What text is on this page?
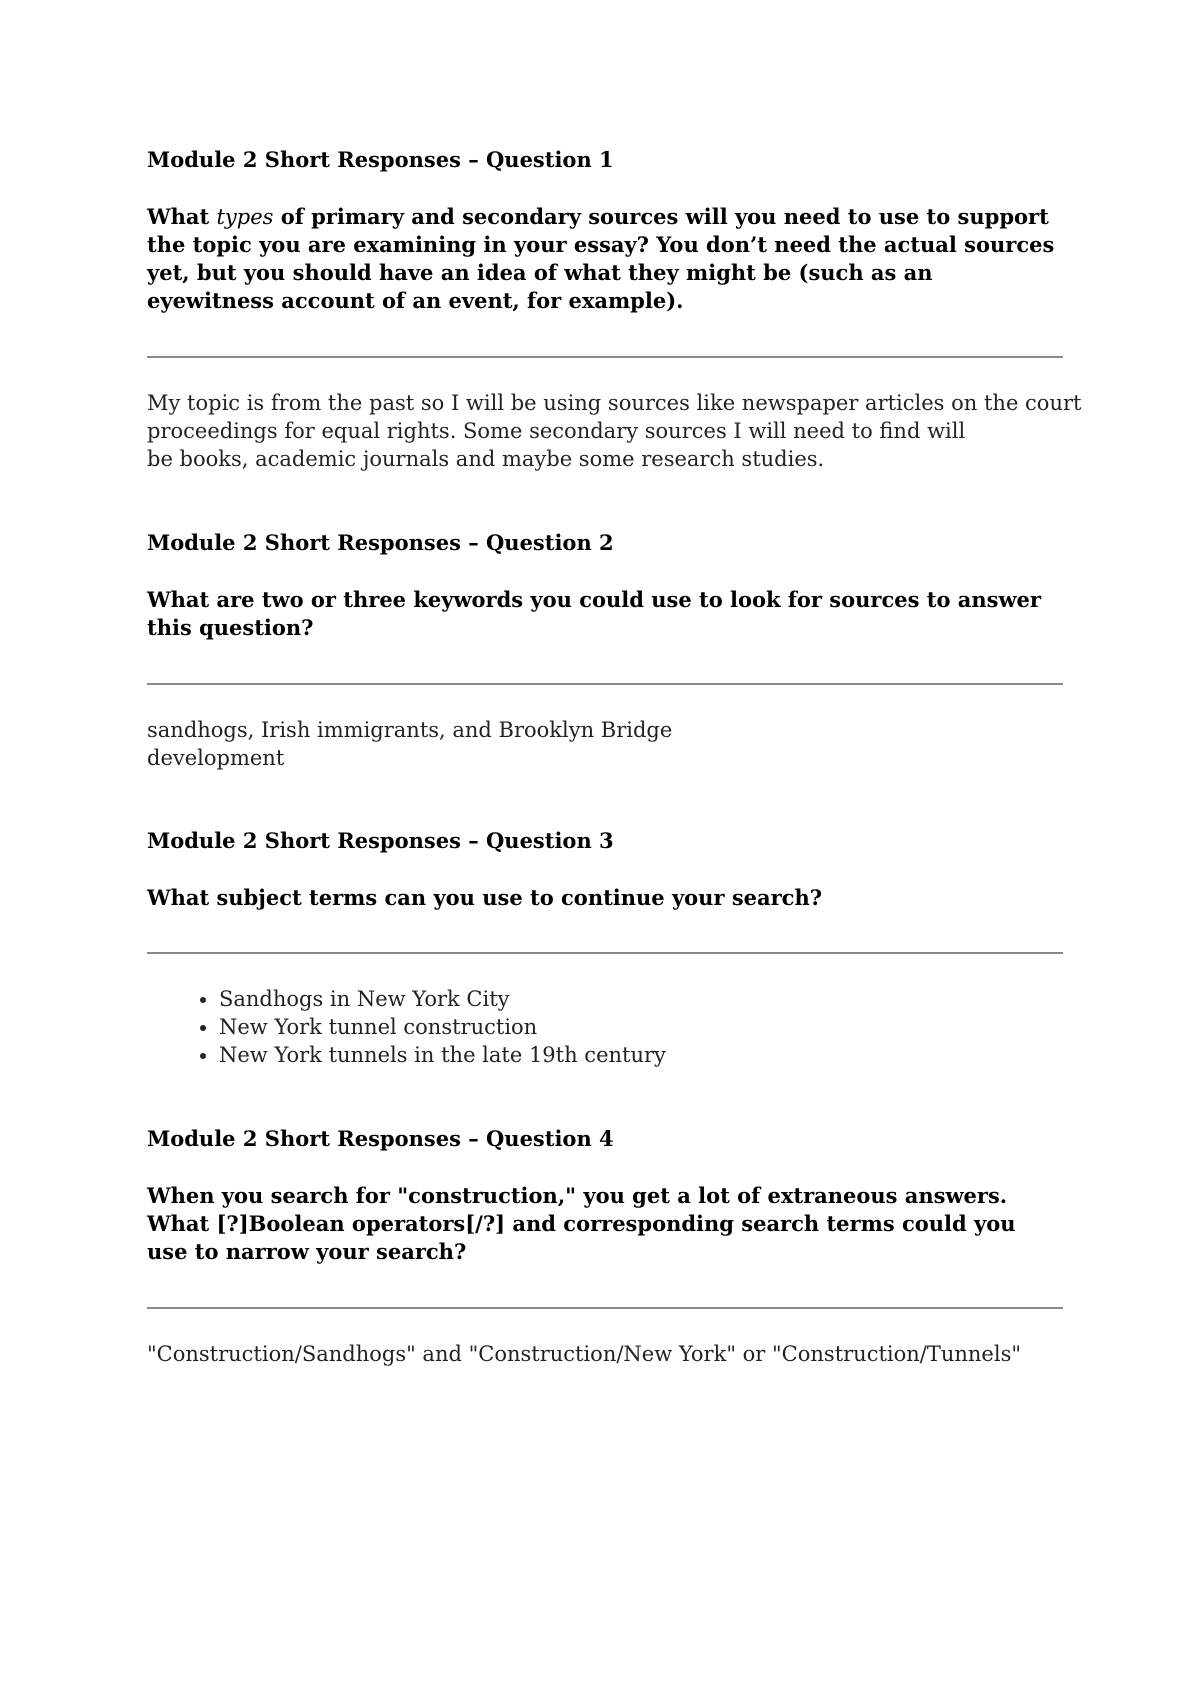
Module 2 Short Responses – Question 1
What types of primary and secondary sources will you need to use to support the topic you are examining in your essay? You don’t need the actual sources yet, but you should have an idea of what they might be (such as an eyewitness account of an event, for example).
My topic is from the past so I will be using sources like newspaper articles on the court
proceedings for equal rights. Some secondary sources I will need to find will
be books, academic journals and maybe some research studies.
Module 2 Short Responses – Question 2
What are two or three keywords you could use to look for sources to answer this question?
sandhogs, Irish immigrants, and Brooklyn Bridge
development
Module 2 Short Responses – Question 3
What subject terms can you use to continue your search?
• Sandhogs in New York City
• New York tunnel construction
• New York tunnels in the late 19th century
Module 2 Short Responses – Question 4
When you search for "construction," you get a lot of extraneous answers. What [?]Boolean operators[/?] and corresponding search terms could you use to narrow your search?
"Construction/Sandhogs" and "Construction/New York" or "Construction/Tunnels"
